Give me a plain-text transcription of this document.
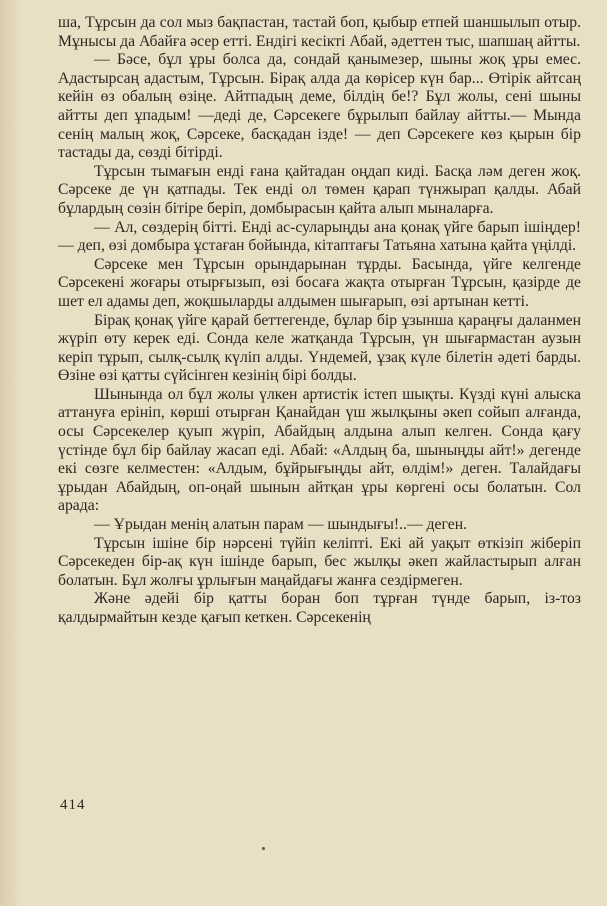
ша, Тұрсын да сол мыз бақпастан, тастай боп, қыбыр етпей шаншылып отыр. Мұнысы да Абайға әсер етті. Ендігі кесікті Абай, әдеттен тыс, шапшаң айтты.

— Бәсе, бұл ұры болса да, сондай қанымезер, шыны жоқ ұры емес. Адастырсаң адастым, Тұрсын. Бірақ алда да көрісер күн бар... Өтірік айтсаң кейін өз обалың өзіңе. Айтпадың деме, білдің бе!? Бұл жолы, сені шыны айтты деп ұпадым! —деді де, Сәрсекеге бұрылып байлау айтты.— Мында сенің малың жоқ, Сәрсеке, басқадан ізде! — деп Сәрсекеге көз қырын бір тастады да, сөзді бітірді.

Тұрсын тымағын енді ғана қайтадан оңдап киді. Басқа ләм деген жоқ. Сәрсеке де үн қатпады. Тек енді ол төмен қарап түнжырап қалды. Абай бұлардың сөзін бітіре беріп, домбырасын қайта алып мыналарға.

— Ал, сөздерің бітті. Енді ас-суларыңды ана қонақ үйге барып ішіңдер! — деп, өзі домбыра ұстаған бойында, кітаптағы Татьяна хатына қайта үңілді.

Сәрсеке мен Тұрсын орындарынан тұрды. Басында, үйге келгенде Сәрсекені жоғары отырғызып, өзі босаға жақта отырған Тұрсын, қазірде де шет ел адамы деп, жоқшыларды алдымен шығарып, өзі артынан кетті.

Бірақ қонақ үйге қарай беттегенде, бұлар бір ұзынша қараңғы даланмен жүріп өту керек еді. Сонда келе жатқанда Тұрсын, үн шығармастан аузын керіп тұрып, сылқ-сылқ күліп алды. Үндемей, ұзақ күле білетін әдеті барды. Өзіне өзі қатты сүйсінген кезінің бірі болды.

Шынында ол бұл жолы үлкен артистік істеп шықты. Күзді күні алыска аттануға ерініп, көрші отырған Қанайдан үш жылқыны әкеп сойып алғанда, осы Сәрсекелер қуып жүріп, Абайдың алдына алып келген. Сонда қағу үстінде бұл бір байлау жасап еді. Абай: «Алдың ба, шыныңды айт!» дегенде екі сөзге келместен: «Алдым, бұйрығыңды айт, өлдім!» деген. Талайдағы ұрыдан Абайдың, оп-оңай шынын айтқан ұры көргені осы болатын. Сол арада:

— Ұрыдан менің алатын парам — шындығы!..— деген.

Тұрсын ішіне бір нәрсені түйіп келіпті. Екі ай уақыт өткізіп жіберіп Сәрсекеден бір-ақ күн ішінде барып, бес жылқы әкеп жайластырып алған болатын. Бұл жолғы ұрлығын маңайдағы жанға сездірмеген.

Және әдейі бір қатты боран боп тұрған түнде барып, із-тоз қалдырмайтын кезде қағып кеткен. Сәрсекенің

414
